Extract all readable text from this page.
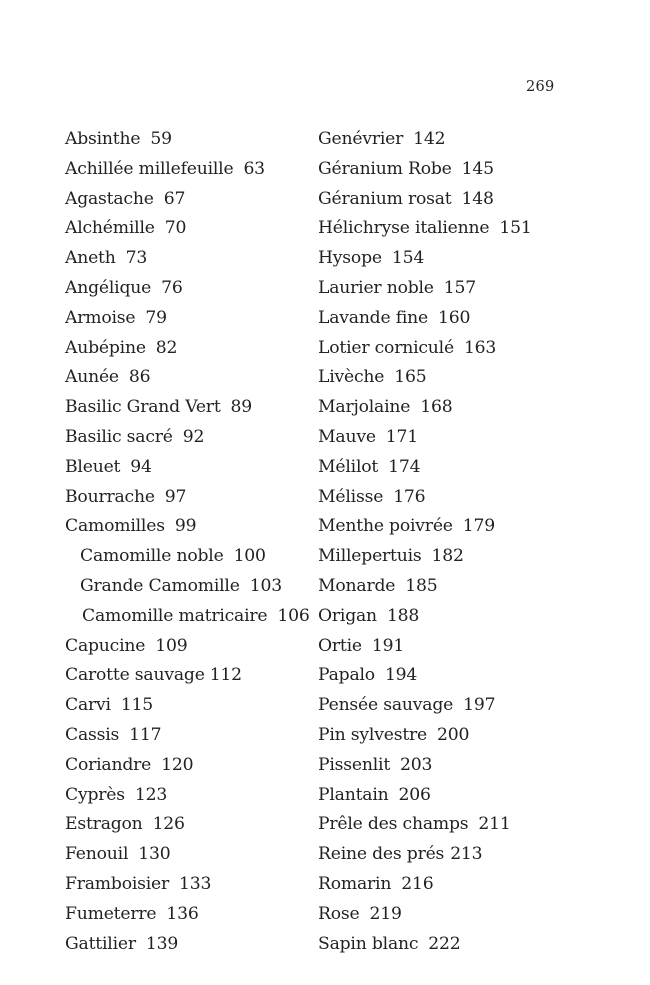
269
Absinthe 59
Achillée millefeuille 63
Agastache 67
Alchémille 70
Aneth 73
Angélique 76
Armoise 79
Aubépine 82
Aunée 86
Basilic Grand Vert 89
Basilic sacré 92
Bleuet 94
Bourrache 97
Camomilles 99
Camomille noble 100
Grande Camomille 103
Camomille matricaire 106
Capucine 109
Carotte sauvage 112
Carvi 115
Cassis 117
Coriandre 120
Cyprès 123
Estragon 126
Fenouil 130
Framboisier 133
Fumeterre 136
Gattilier 139
Genévrier 142
Géranium Robe 145
Géranium rosat 148
Hélichryse italienne 151
Hysope 154
Laurier noble 157
Lavande fine 160
Lotier corniculé 163
Livèche 165
Marjolaine 168
Mauve 171
Mélilot 174
Mélisse 176
Menthe poivrée 179
Millepertuis 182
Monarde 185
Origan 188
Ortie 191
Papalo 194
Pensée sauvage 197
Pin sylvestre 200
Pissenlit 203
Plantain 206
Prêle des champs 211
Reine des prés 213
Romarin 216
Rose 219
Sapin blanc 222
